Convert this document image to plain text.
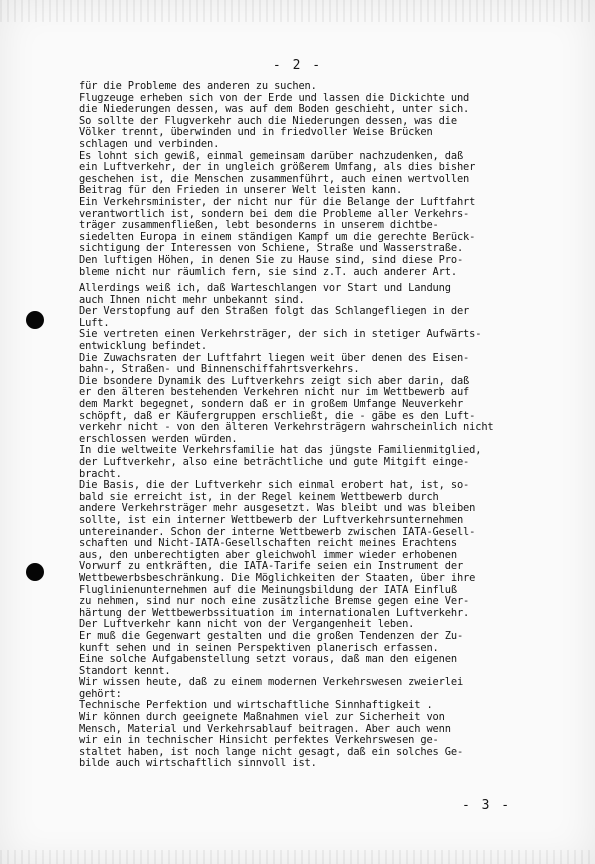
- 2 -
für die Probleme des anderen zu suchen.
Flugzeuge erheben sich von der Erde und lassen die Dickichte und
die Niederungen dessen, was auf dem Boden geschieht, unter sich.
So sollte der Flugverkehr auch die Niederungen dessen, was die
Völker trennt, überwinden und in friedvoller Weise Brücken
schlagen und verbinden.
Es lohnt sich gewiß, einmal gemeinsam darüber nachzudenken, daß
ein Luftverkehr, der in ungleich größerem Umfang, als dies bisher
geschehen ist, die Menschen zusammenführt, auch einen wertvollen
Beitrag für den Frieden in unserer Welt leisten kann.
Ein Verkehrsminister, der nicht nur für die Belange der Luftfahrt
verantwortlich ist, sondern bei dem die Probleme aller Verkehrs-
träger zusammenfließen, lebt besonderns in unserem dichtbe-
siedelten Europa in einem ständigen Kampf um die gerechte Berück-
sichtigung der Interessen von Schiene, Straße und Wasserstraße.
Den luftigen Höhen, in denen Sie zu Hause sind, sind diese Pro-
bleme nicht nur räumlich fern, sie sind z.T. auch anderer Art.
Allerdings weiß ich, daß Warteschlangen vor Start und Landung
auch Ihnen nicht mehr unbekannt sind.
Der Verstopfung auf den Straßen folgt das Schlangefliegen in der
Luft.
Sie vertreten einen Verkehrsträger, der sich in stetiger Aufwärts-
entwicklung befindet.
Die Zuwachsraten der Luftfahrt liegen weit über denen des Eisen-
bahn-, Straßen- und Binnenschiffahrtsverkehrs.
Die bsondere Dynamik des Luftverkehrs zeigt sich aber darin, daß
er den älteren bestehenden Verkehren nicht nur im Wettbewerb auf
dem Markt begegnet, sondern daß er in großem Umfange Neuverkehr
schöpft, daß er Käufergruppen erschließt, die - gäbe es den Luft-
verkehr nicht - von den älteren Verkehrsträgern wahrscheinlich nicht
erschlossen werden würden.
In die weltweite Verkehrsfamilie hat das jüngste Familienmitglied,
der Luftverkehr, also eine beträchtliche und gute Mitgift einge-
bracht.
Die Basis, die der Luftverkehr sich einmal erobert hat, ist, so-
bald sie erreicht ist, in der Regel keinem Wettbewerb durch
andere Verkehrsträger mehr ausgesetzt. Was bleibt und was bleiben
sollte, ist ein interner Wettbewerb der Luftverkehrsunternehmen
untereinander. Schon der interne Wettbewerb zwischen IATA-Gesell-
schaften und Nicht-IATA-Gesellschaften reicht meines Erachtens
aus, den unberechtigten aber gleichwohl immer wieder erhobenen
Vorwurf zu entkräften, die IATA-Tarife seien ein Instrument der
Wettbewerbsbeschränkung. Die Möglichkeiten der Staaten, über ihre
Fluglinienunternehmen auf die Meinungsbildung der IATA Einfluß
zu nehmen, sind nur noch eine zusätzliche Bremse gegen eine Ver-
härtung der Wettbewerbssituation im internationalen Luftverkehr.
Der Luftverkehr kann nicht von der Vergangenheit leben.
Er muß die Gegenwart gestalten und die großen Tendenzen der Zu-
kunft sehen und in seinen Perspektiven planerisch erfassen.
Eine solche Aufgabenstellung setzt voraus, daß man den eigenen
Standort kennt.
Wir wissen heute, daß zu einem modernen Verkehrswesen zweierlei
gehört:
Technische Perfektion und wirtschaftliche Sinnhaftigkeit .
Wir können durch geeignete Maßnahmen viel zur Sicherheit von
Mensch, Material und Verkehrsablauf beitragen. Aber auch wenn
wir ein in technischer Hinsicht perfektes Verkehrswesen ge-
staltet haben, ist noch lange nicht gesagt, daß ein solches Ge-
bilde auch wirtschaftlich sinnvoll ist.
- 3 -
